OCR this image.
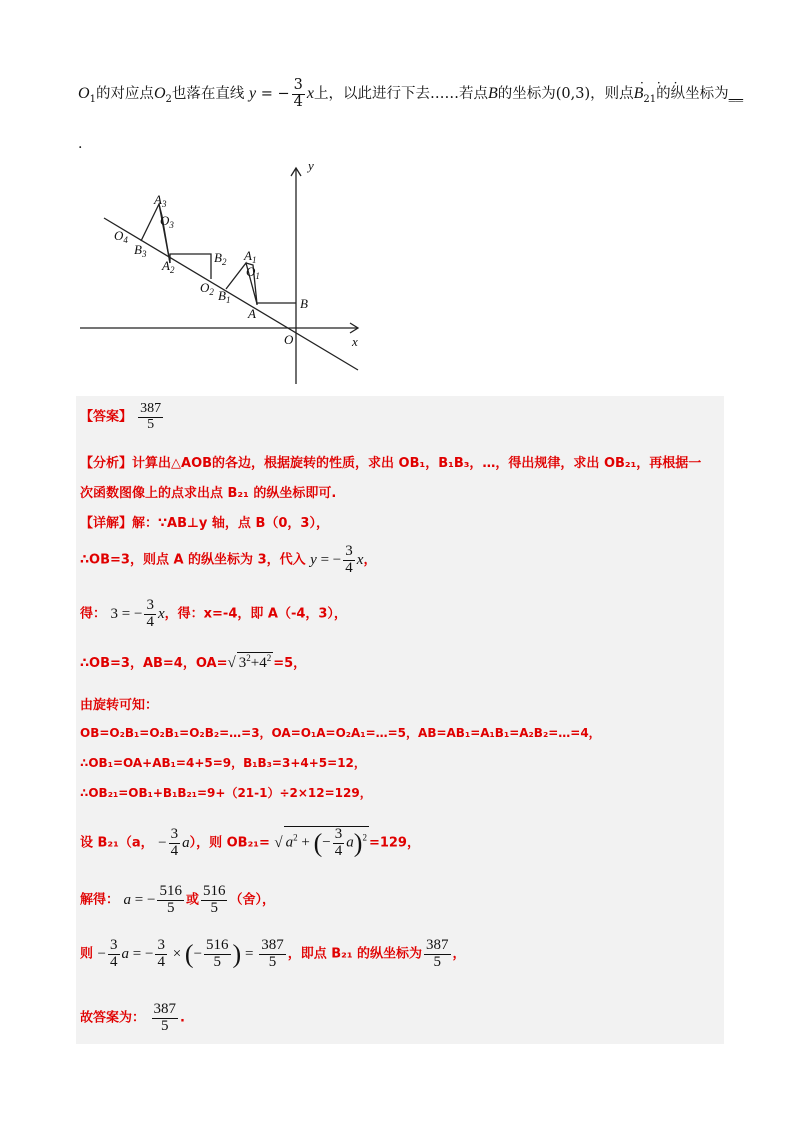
$O_1$的对应点$O_2$也落在直线 y = − $\frac{3}{4}$ x上，以此进行下去……若点B的坐标为(0,3)，则点$B_{21}$的纵坐标为__
···
.
y
x
O
B
A
$A_1$
$O_1$
$B_1$
$O_2$
$B_2$
$A_2$
$A_3$
$O_3$
$B_3$
$O_4$
【答案】 $\frac{387}{5}$
【分析】计算出△AOB的各边，根据旋转的性质，求出 OB₁，B₁B₃，…，得出规律，求出 OB₂₁，再根据一
次函数图像上的点求出点 B₂₁ 的纵坐标即可.
【详解】解：∵AB⊥y 轴，点 B（0，3），
∴OB=3，则点 A 的纵坐标为 3，代入 y = − $\frac{3}{4}$ x，
得： 3 = − $\frac{3}{4}$ x，得：x=-4，即 A（-4，3），
∴OB=3，AB=4，OA=√ $3^2+4^2 =5$，
由旋转可知：
OB=O₂B₁=O₂B₁=O₂B₂=…=3，OA=O₁A=O₂A₁=…=5，AB=AB₁=A₁B₁=A₂B₂=…=4，
∴OB₁=OA+AB₁=4+5=9，B₁B₃=3+4+5=12，
∴OB₂₁=OB₁+B₁B₂₁=9+（21-1）÷2×12=129，
设 B₂₁（a， − $\frac{3}{4} a$），则 OB₂₁= √ $a^2$ + (− $\frac{3}{4} a)^2 =129$，
解得： a = − $\frac{516}{5}$ 或 $\frac{516}{5}$ （舍），
则 − $\frac{3}{4}$ a = − $\frac{3}{4}$ × (− $\frac{516}{5}$ ) = $\frac{387}{5}$ ，即点 B₂₁ 的纵坐标为 $\frac{387}{5}$ ，
故答案为： $\frac{387}{5}$ .
